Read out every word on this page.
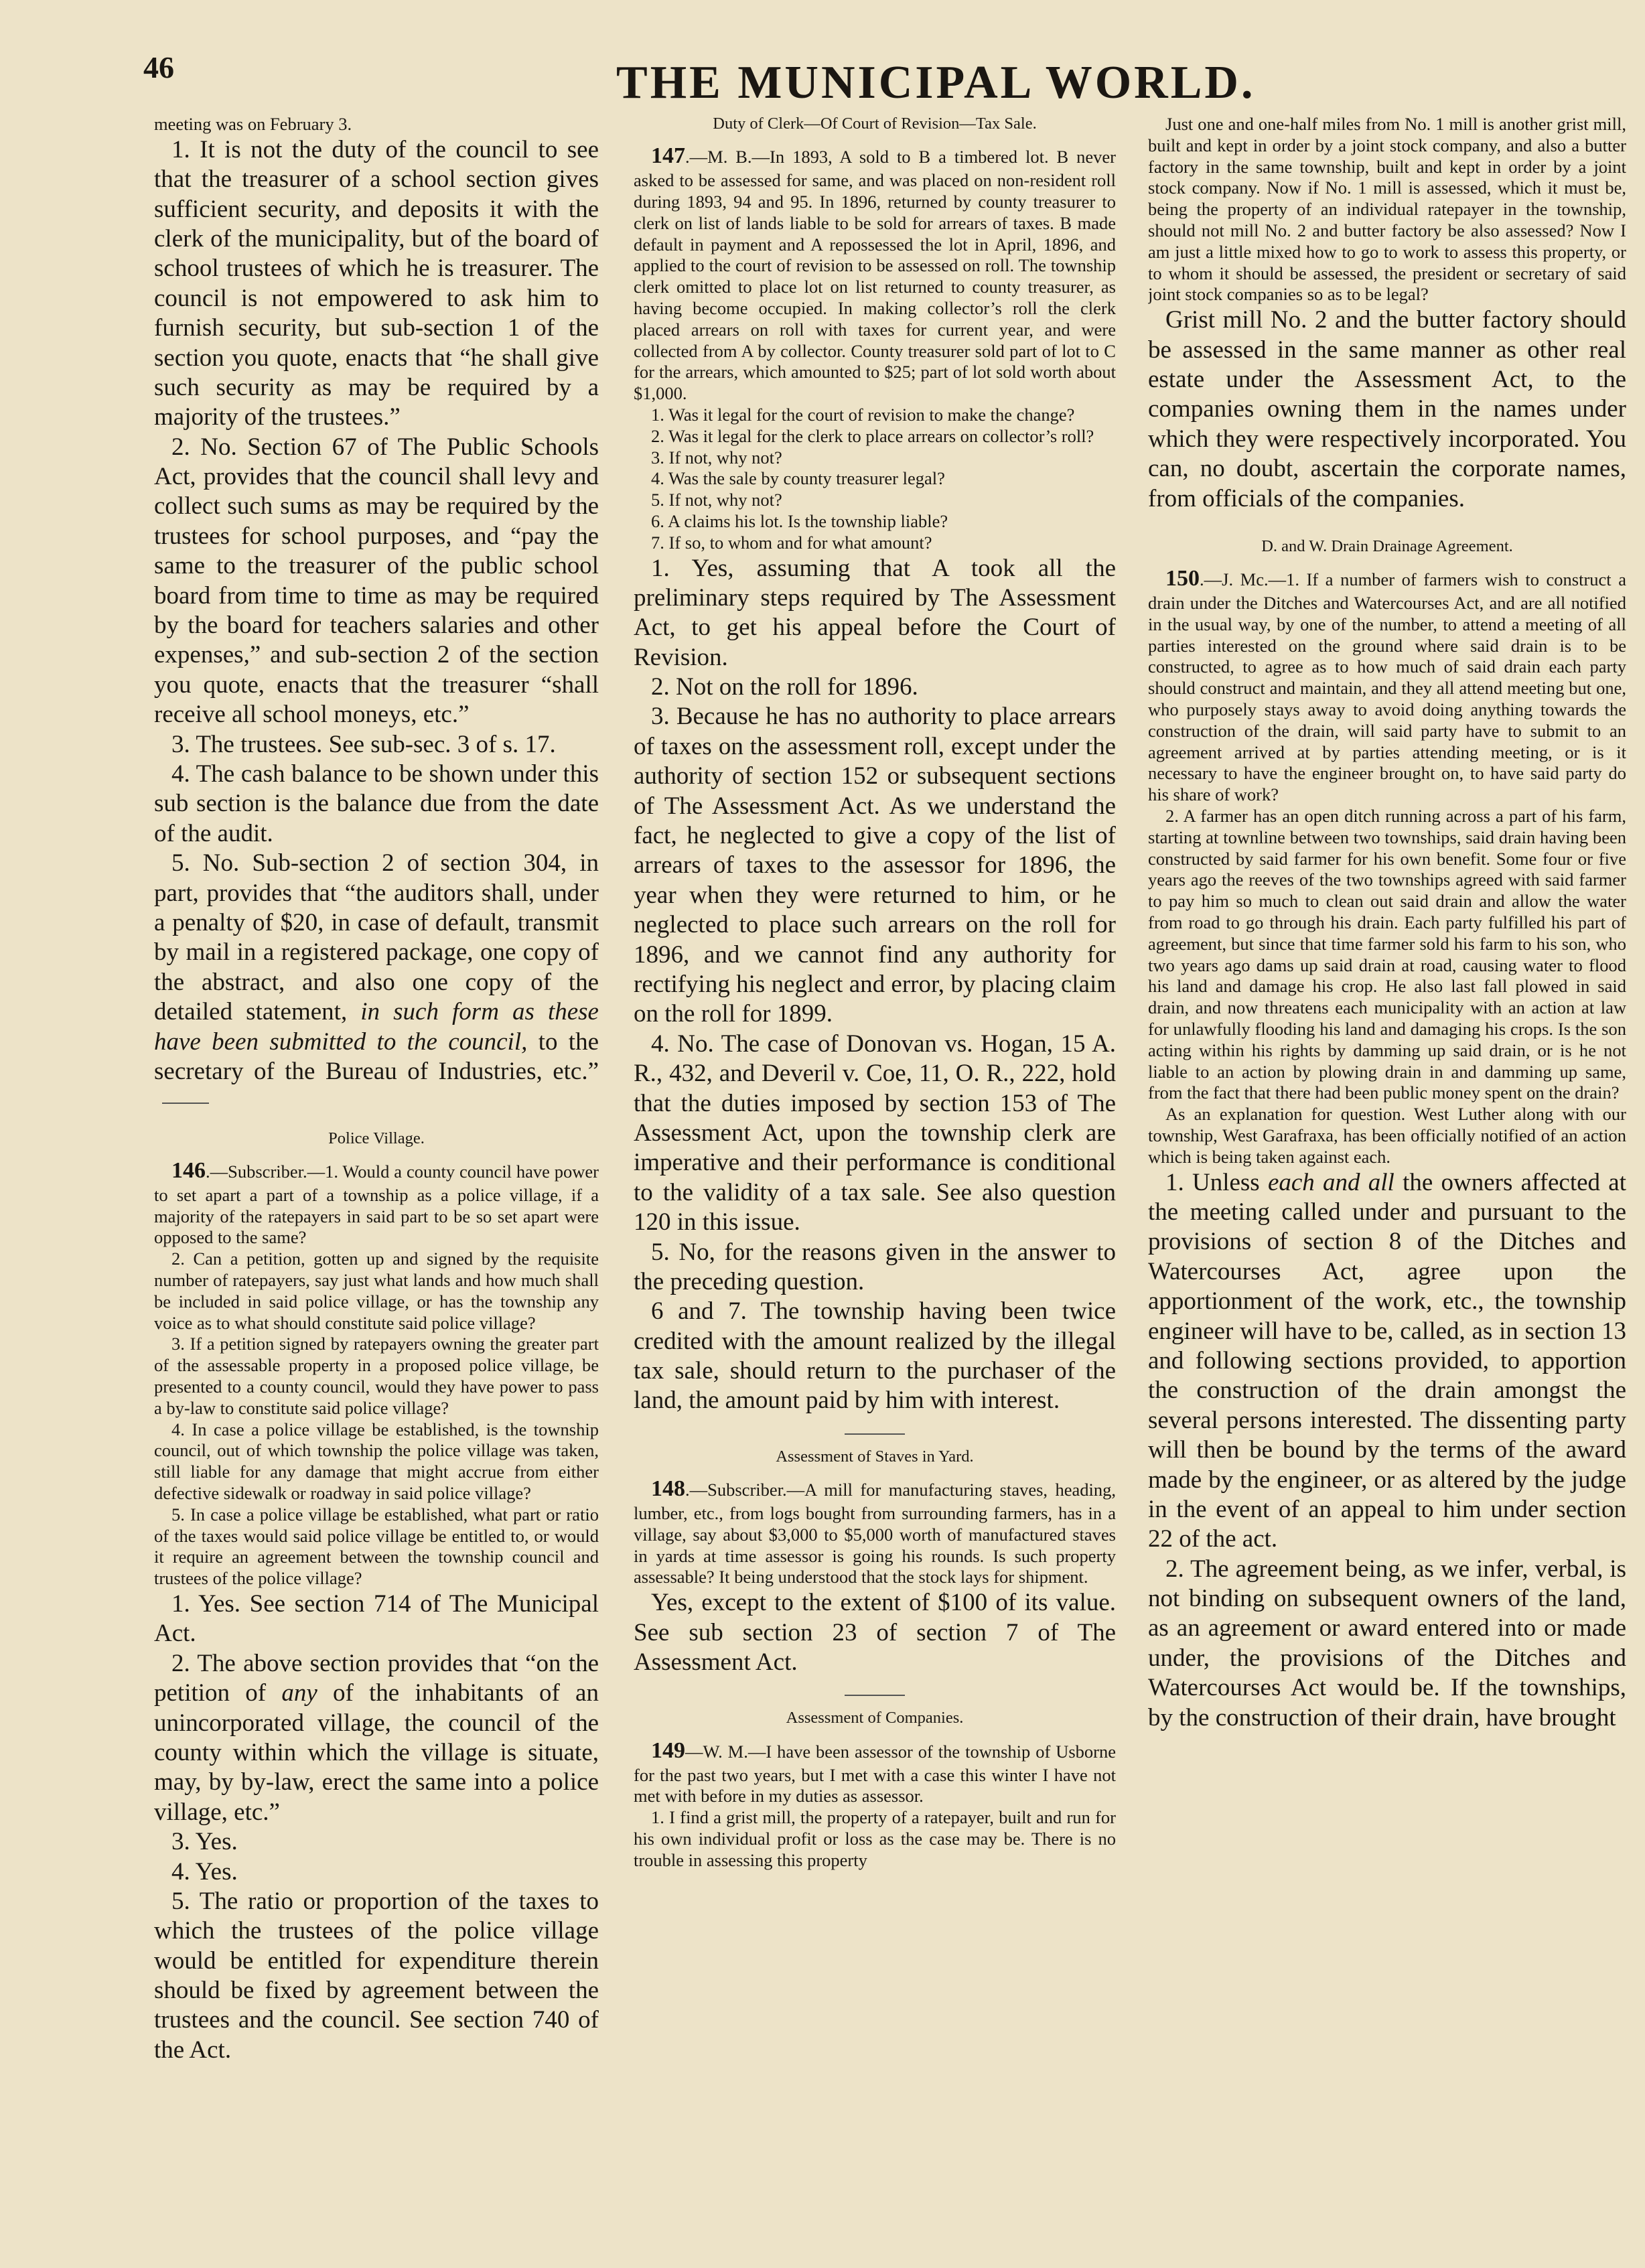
46	THE MUNICIPAL WORLD.

meeting was on February 3.

1. It is not the duty of the council to see that the treasurer of a school section gives sufficient security, and deposits it with the clerk of the municipality, but of the board of school trustees of which he is treasurer. The council is not empowered to ask him to furnish security, but sub-section 1 of the section you quote, enacts that “he shall give such security as may be required by a majority of the trustees.”

2. No. Section 67 of The Public Schools Act, provides that the council shall levy and collect such sums as may be required by the trustees for school purposes, and “pay the same to the treasurer of the public school board from time to time as may be required by the board for teachers salaries and other expenses,” and sub-section 2 of the section you quote, enacts that the treasurer “shall receive all school moneys, etc.”

3. The trustees. See sub-sec. 3 of s. 17.

4. The cash balance to be shown under this sub section is the balance due from the date of the audit.

5. No. Sub-section 2 of section 304, in part, provides that “the auditors shall, under a penalty of $20, in case of default, transmit by mail in a registered package, one copy of the abstract, and also one copy of the detailed statement, in such form as these have been submitted to the council, to the secretary of the Bureau of Industries, etc.”

Police Village.

146.—Subscriber.—1. Would a county council have power to set apart a part of a township as a police village, if a majority of the ratepayers in said part to be so set apart were opposed to the same?

2. Can a petition, gotten up and signed by the requisite number of ratepayers, say just what lands and how much shall be included in said police village, or has the township any voice as to what should constitute said police village?

3. If a petition signed by ratepayers owning the greater part of the assessable property in a proposed police village, be presented to a county council, would they have power to pass a by-law to constitute said police village?

4. In case a police village be established, is the township council, out of which township the police village was taken, still liable for any damage that might accrue from either defective sidewalk or roadway in said police village?

5. In case a police village be established, what part or ratio of the taxes would said police village be entitled to, or would it require an agreement between the township council and trustees of the police village?

1. Yes. See section 714 of The Municipal Act.

2. The above section provides that “on the petition of any of the inhabitants of an unincorporated village, the council of the county within which the village is situate, may, by by-law, erect the same into a police village, etc.”

3. Yes.

4. Yes.

5. The ratio or proportion of the taxes to which the trustees of the police village would be entitled for expenditure therein should be fixed by agreement between the trustees and the council. See section 740 of the Act.

Duty of Clerk—Of Court of Revision—Tax Sale.

147.—M. B.—In 1893, A sold to B a timbered lot. B never asked to be assessed for same, and was placed on non-resident roll during 1893, 94 and 95. In 1896, returned by county treasurer to clerk on list of lands liable to be sold for arrears of taxes. B made default in payment and A repossessed the lot in April, 1896, and applied to the court of revision to be assessed on roll. The township clerk omitted to place lot on list returned to county treasurer, as having become occupied. In making collector’s roll the clerk placed arrears on roll with taxes for current year, and were collected from A by collector. County treasurer sold part of lot to C for the arrears, which amounted to $25; part of lot sold worth about $1,000.

1. Was it legal for the court of revision to make the change?

2. Was it legal for the clerk to place arrears on collector’s roll?

3. If not, why not?

4. Was the sale by county treasurer legal?

5. If not, why not?

6. A claims his lot. Is the township liable?

7. If so, to whom and for what amount?

1. Yes, assuming that A took all the preliminary steps required by The Assessment Act, to get his appeal before the Court of Revision.

2. Not on the roll for 1896.

3. Because he has no authority to place arrears of taxes on the assessment roll, except under the authority of section 152 or subsequent sections of The Assessment Act. As we understand the fact, he neglected to give a copy of the list of arrears of taxes to the assessor for 1896, the year when they were returned to him, or he neglected to place such arrears on the roll for 1896, and we cannot find any authority for rectifying his neglect and error, by placing claim on the roll for 1899.

4. No. The case of Donovan vs. Hogan, 15 A. R., 432, and Deveril v. Coe, 11, O. R., 222, hold that the duties imposed by section 153 of The Assessment Act, upon the township clerk are imperative and their performance is conditional to the validity of a tax sale. See also question 120 in this issue.

5. No, for the reasons given in the answer to the preceding question.

6 and 7. The township having been twice credited with the amount realized by the illegal tax sale, should return to the purchaser of the land, the amount paid by him with interest.

Assessment of Staves in Yard.

148.—Subscriber.—A mill for manufacturing staves, heading, lumber, etc., from logs bought from surrounding farmers, has in a village, say about $3,000 to $5,000 worth of manufactured staves in yards at time assessor is going his rounds. Is such property assessable? It being understood that the stock lays for shipment.

Yes, except to the extent of $100 of its value. See sub section 23 of section 7 of The Assessment Act.

Assessment of Companies.

149—W. M.—I have been assessor of the township of Usborne for the past two years, but I met with a case this winter I have not met with before in my duties as assessor.

1. I find a grist mill, the property of a ratepayer, built and run for his own individual profit or loss as the case may be. There is no trouble in assessing this property

Just one and one-half miles from No. 1 mill is another grist mill, built and kept in order by a joint stock company, and also a butter factory in the same township, built and kept in order by a joint stock company. Now if No. 1 mill is assessed, which it must be, being the property of an individual ratepayer in the township, should not mill No. 2 and butter factory be also assessed? Now I am just a little mixed how to go to work to assess this property, or to whom it should be assessed, the president or secretary of said joint stock companies so as to be legal?

Grist mill No. 2 and the butter factory should be assessed in the same manner as other real estate under the Assessment Act, to the companies owning them in the names under which they were respectively incorporated. You can, no doubt, ascertain the corporate names, from officials of the companies.

D. and W. Drain Drainage Agreement.

150.—J. Mc.—1. If a number of farmers wish to construct a drain under the Ditches and Watercourses Act, and are all notified in the usual way, by one of the number, to attend a meeting of all parties interested on the ground where said drain is to be constructed, to agree as to how much of said drain each party should construct and maintain, and they all attend meeting but one, who purposely stays away to avoid doing anything towards the construction of the drain, will said party have to submit to an agreement arrived at by parties attending meeting, or is it necessary to have the engineer brought on, to have said party do his share of work?

2. A farmer has an open ditch running across a part of his farm, starting at townline between two townships, said drain having been constructed by said farmer for his own benefit. Some four or five years ago the reeves of the two townships agreed with said farmer to pay him so much to clean out said drain and allow the water from road to go through his drain. Each party fulfilled his part of agreement, but since that time farmer sold his farm to his son, who two years ago dams up said drain at road, causing water to flood his land and damage his crop. He also last fall plowed in said drain, and now threatens each municipality with an action at law for unlawfully flooding his land and damaging his crops. Is the son acting within his rights by damming up said drain, or is he not liable to an action by plowing drain in and damming up same, from the fact that there had been public money spent on the drain?

As an explanation for question. West Luther along with our township, West Garafraxa, has been officially notified of an action which is being taken against each.

1. Unless each and all the owners affected at the meeting called under and pursuant to the provisions of section 8 of the Ditches and Watercourses Act, agree upon the apportionment of the work, etc., the township engineer will have to be, called, as in section 13 and following sections provided, to apportion the construction of the drain amongst the several persons interested. The dissenting party will then be bound by the terms of the award made by the engineer, or as altered by the judge in the event of an appeal to him under section 22 of the act.

2. The agreement being, as we infer, verbal, is not binding on subsequent owners of the land, as an agreement or award entered into or made under, the provisions of the Ditches and Watercourses Act would be. If the townships, by the construction of their drain, have brought
